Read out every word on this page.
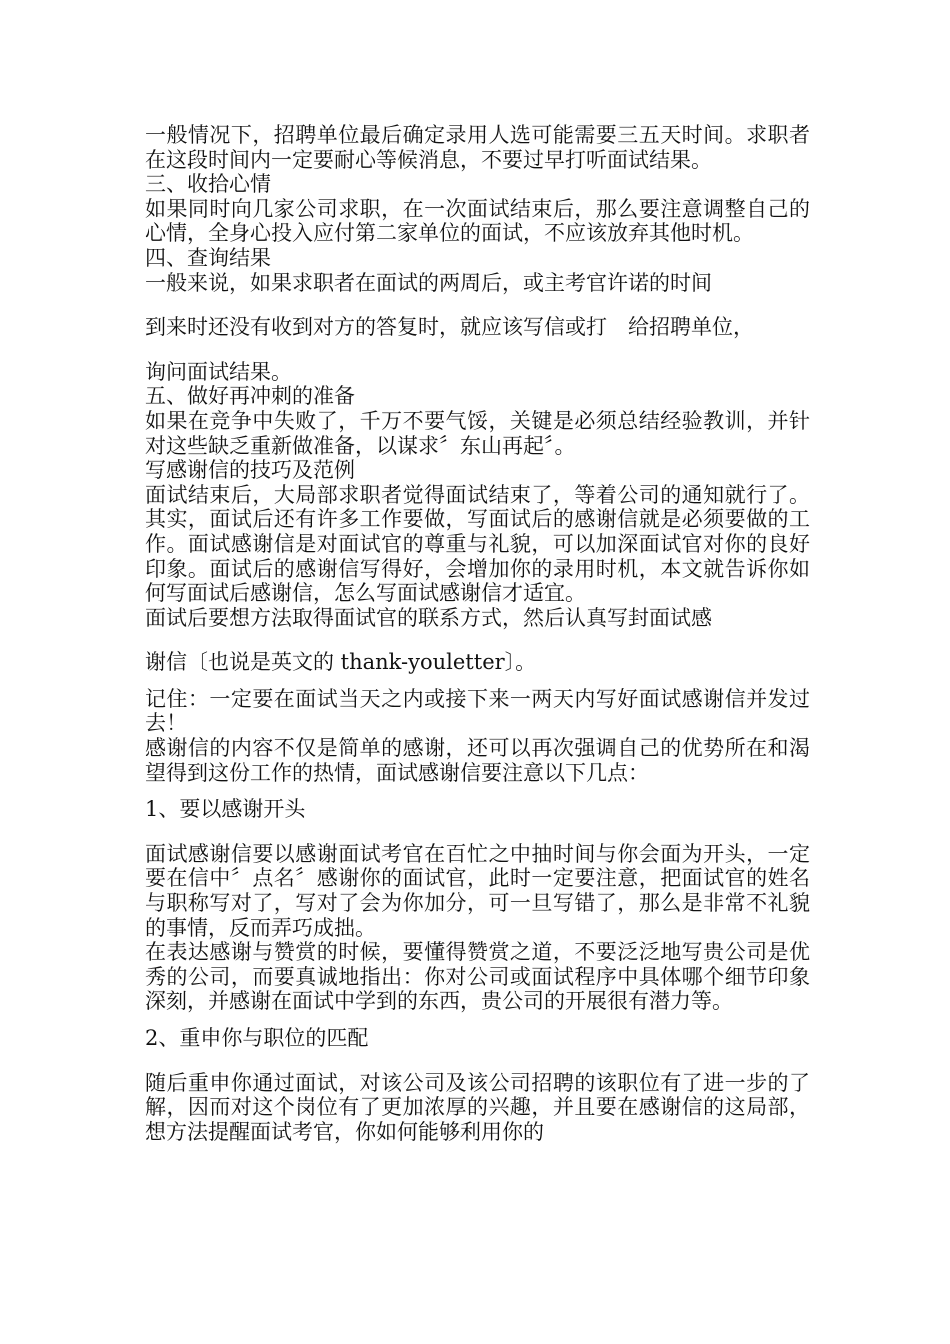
一般情况下，招聘单位最后确定录用人选可能需要三五天时间。求职者在这段时间内一定要耐心等候消息，不要过早打听面试结果。

三、收拾心情

如果同时向几家公司求职，在一次面试结束后，那么要注意调整自己的心情，全身心投入应付第二家单位的面试，不应该放弃其他时机。

四、查询结果

一般来说，如果求职者在面试的两周后，或主考官许诺的时间

到来时还没有收到对方的答复时，就应该写信或打　给招聘单位，

询问面试结果。

五、做好再冲刺的准备

如果在竞争中失败了，千万不要气馁，关键是必须总结经验教训，并针对这些缺乏重新做准备，以谋求〞东山再起〞。

写感谢信的技巧及范例

面试结束后，大局部求职者觉得面试结束了，等着公司的通知就行了。其实，面试后还有许多工作要做，写面试后的感谢信就是必须要做的工作。面试感谢信是对面试官的尊重与礼貌，可以加深面试官对你的良好印象。面试后的感谢信写得好，会增加你的录用时机，本文就告诉你如何写面试后感谢信，怎么写面试感谢信才适宜。

面试后要想方法取得面试官的联系方式，然后认真写封面试感

谢信〔也说是英文的 thank-youletter〕。

记住：一定要在面试当天之内或接下来一两天内写好面试感谢信并发过去！

感谢信的内容不仅是简单的感谢，还可以再次强调自己的优势所在和渴望得到这份工作的热情，面试感谢信要注意以下几点：

1、要以感谢开头

面试感谢信要以感谢面试考官在百忙之中抽时间与你会面为开头，一定要在信中〞点名〞感谢你的面试官，此时一定要注意，把面试官的姓名与职称写对了，写对了会为你加分，可一旦写错了，那么是非常不礼貌的事情，反而弄巧成拙。

在表达感谢与赞赏的时候，要懂得赞赏之道，不要泛泛地写贵公司是优秀的公司，而要真诚地指出：你对公司或面试程序中具体哪个细节印象深刻，并感谢在面试中学到的东西，贵公司的开展很有潜力等。

2、重申你与职位的匹配

随后重申你通过面试，对该公司及该公司招聘的该职位有了进一步的了解，因而对这个岗位有了更加浓厚的兴趣，并且要在感谢信的这局部，想方法提醒面试考官，你如何能够利用你的
